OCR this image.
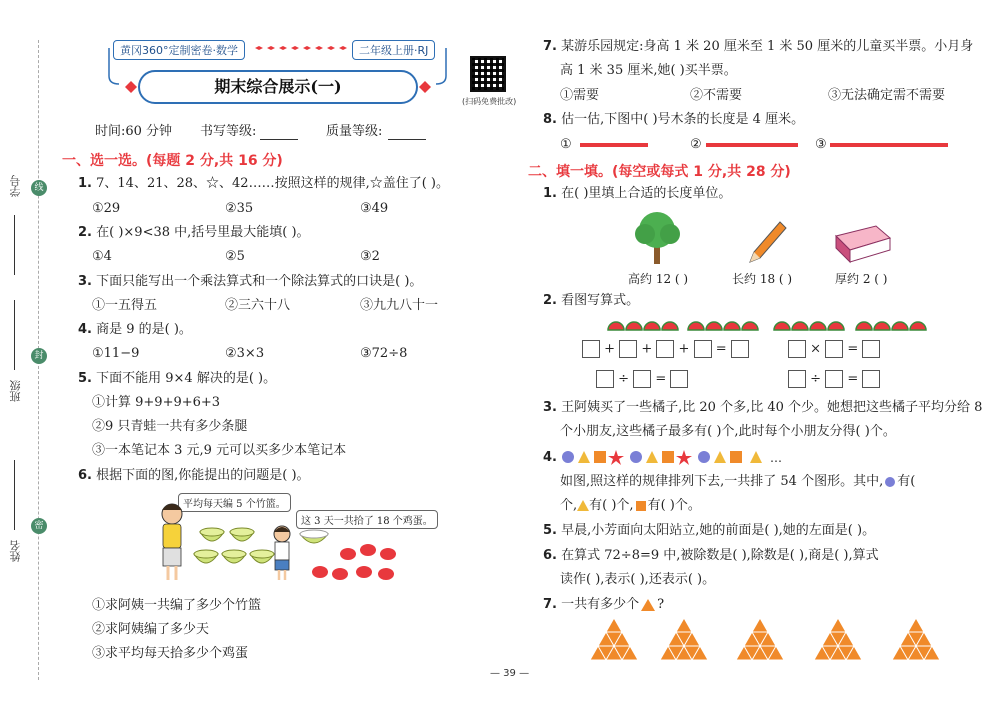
学号
班级
姓名
线
封
密
黄冈360°定制密卷·数学	二年级上册·RJ
期末综合展示(一)
(扫码免费批改)
时间:60 分钟 书写等级:	质量等级:
一、选一选。(每题 2 分,共 16 分)
1. 7、14、21、28、☆、42……按照这样的规律,☆盖住了( )。
①29	②35	③49
2. 在( )×9<38 中,括号里最大能填( )。
①4	②5	③2
3. 下面只能写出一个乘法算式和一个除法算式的口诀是( )。
①一五得五	②三六十八	③九九八十一
4. 商是 9 的是( )。
①11−9	②3×3	③72÷8
5. 下面不能用 9×4 解决的是( )。
①计算 9+9+9+6+3
②9 只青蛙一共有多少条腿
③一本笔记本 3 元,9 元可以买多少本笔记本
6. 根据下面的图,你能提出的问题是( )。
平均每天编 5 个竹篮。
这 3 天一共拾了 18 个鸡蛋。
①求阿姨一共编了多少个竹篮
②求阿姨编了多少天
③求平均每天拾多少个鸡蛋
— 39 —
7. 某游乐园规定:身高 1 米 20 厘米至 1 米 50 厘米的儿童买半票。小月身
高 1 米 35 厘米,她( )买半票。
①需要	②不需要	③无法确定需不需要
8. 估一估,下图中( )号木条的长度是 4 厘米。
①	②	③
二、填一填。(每空或每式 1 分,共 28 分)
1. 在( )里填上合适的长度单位。
高约 12 ( )	长约 18 ( )	厚约 2 ( )
2. 看图写算式。
+ + + =	× =
÷ =	÷ =
3. 王阿姨买了一些橘子,比 20 个多,比 40 个少。她想把这些橘子平均分给 8
个小朋友,这些橘子最多有( )个,此时每个小朋友分得( )个。
4.	…
如图,照这样的规律排列下去,一共排了 54 个图形。其中, 有(
个, 有( )个, 有( )个。
5. 早晨,小芳面向太阳站立,她的前面是( ),她的左面是( )。
6. 在算式 72÷8=9 中,被除数是( ),除数是( ),商是( ),算式
读作( ),表示( ),还表示( )。
7. 一共有多少个 ?
